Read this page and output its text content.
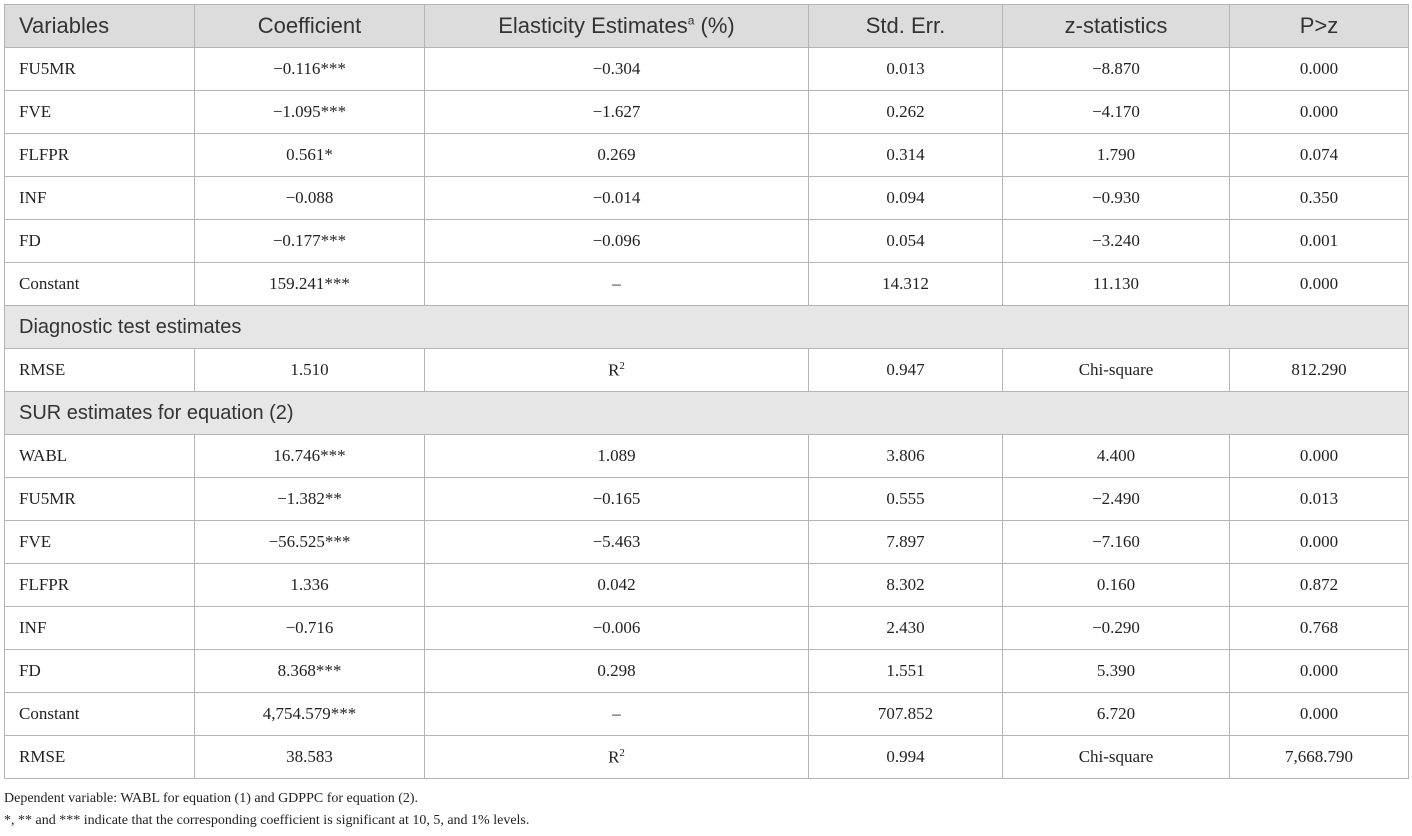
Variables	Coefficient	Elasticity Estimates$^a$ (%)	Std. Err.	z-statistics	P>z
FU5MR	−0.116***	−0.304	0.013	−8.870	0.000
FVE	−1.095***	−1.627	0.262	−4.170	0.000
FLFPR	0.561*	0.269	0.314	1.790	0.074
INF	−0.088	−0.014	0.094	−0.930	0.350
FD	−0.177***	−0.096	0.054	−3.240	0.001
Constant	159.241***	–	14.312	11.130	0.000
Diagnostic test estimates					
RMSE	1.510	$R^2$	0.947	Chi-square	812.290
SUR estimates for equation (2)					
WABL	16.746***	1.089	3.806	4.400	0.000
FU5MR	−1.382**	−0.165	0.555	−2.490	0.013
FVE	−56.525***	−5.463	7.897	−7.160	0.000
FLFPR	1.336	0.042	8.302	0.160	0.872
INF	−0.716	−0.006	2.430	−0.290	0.768
FD	8.368***	0.298	1.551	5.390	0.000
Constant	4,754.579***	–	707.852	6.720	0.000
RMSE	38.583	$R^2$	0.994	Chi-square	7,668.790

Dependent variable: WABL for equation (1) and GDPPC for equation (2).

*, ** and *** indicate that the corresponding coefficient is significant at 10, 5, and 1% levels.
